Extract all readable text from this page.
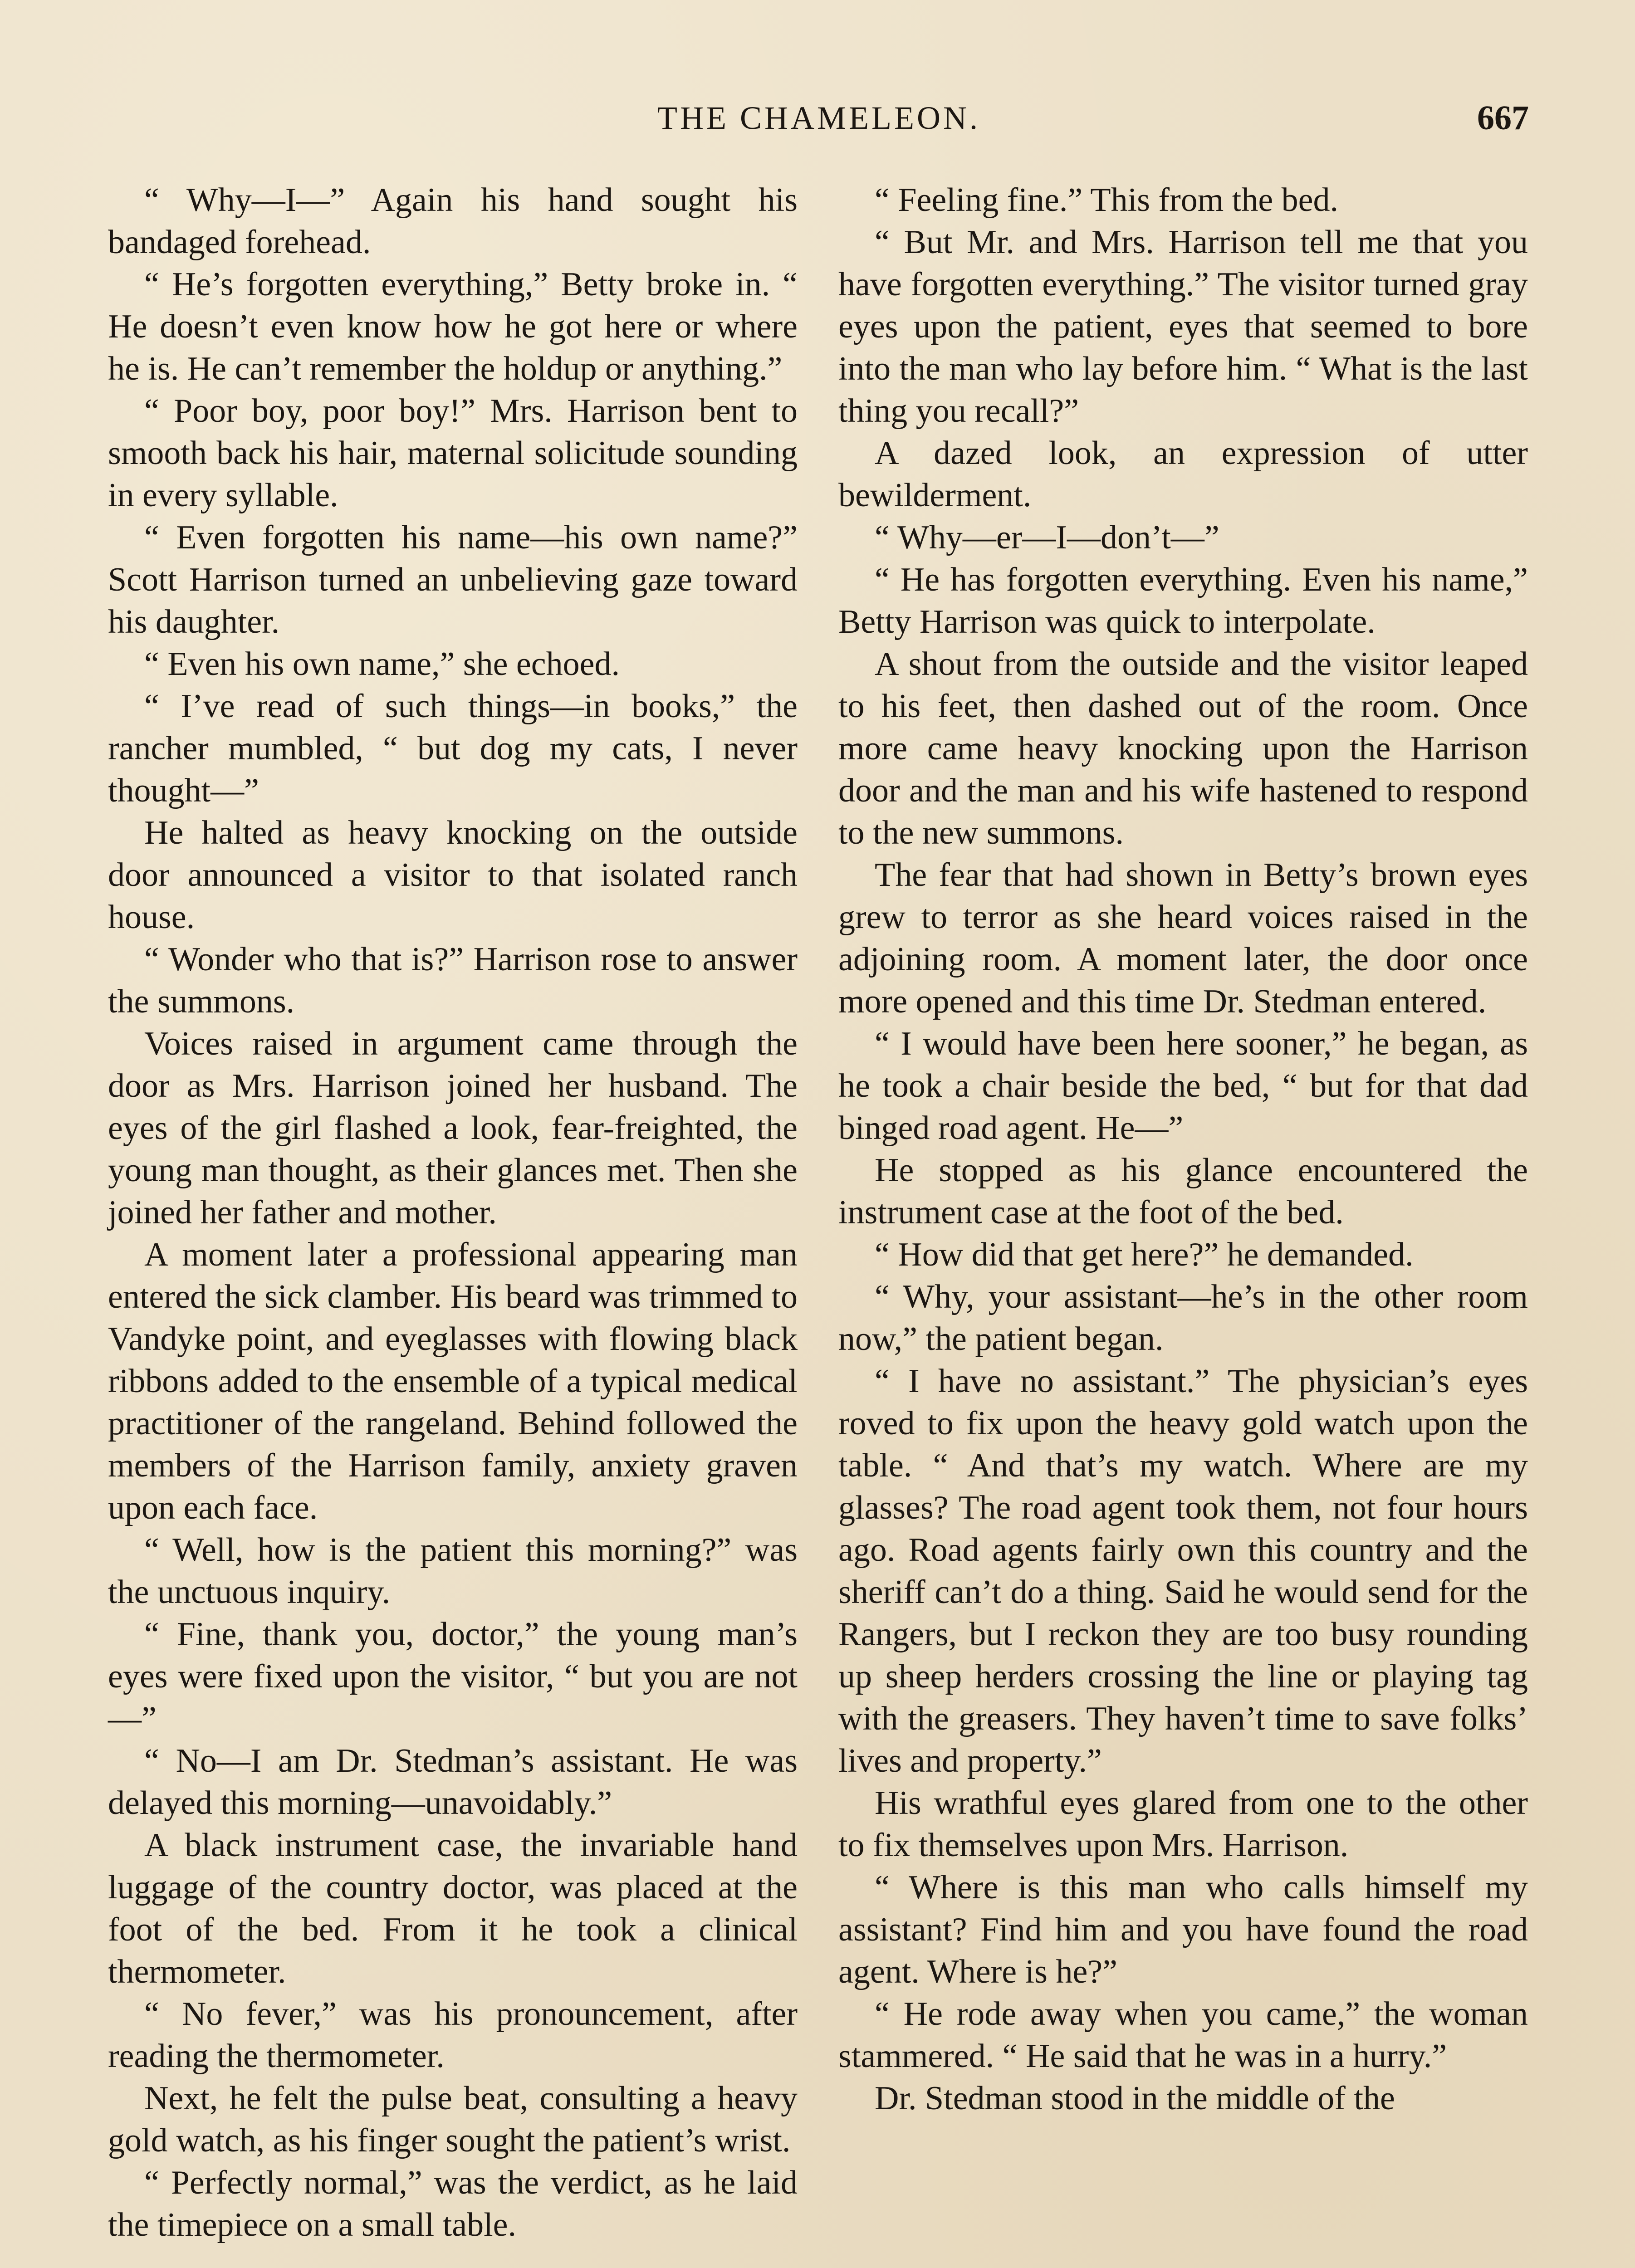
THE CHAMELEON.	667

“ Why—I—” Again his hand sought his bandaged forehead.

“ He’s forgotten everything,” Betty broke in. “ He doesn’t even know how he got here or where he is. He can’t remember the holdup or anything.”

“ Poor boy, poor boy!” Mrs. Harrison bent to smooth back his hair, maternal solicitude sounding in every syllable.

“ Even forgotten his name—his own name?” Scott Harrison turned an unbelieving gaze toward his daughter.

“ Even his own name,” she echoed.

“ I’ve read of such things—in books,” the rancher mumbled, “ but dog my cats, I never thought—”

He halted as heavy knocking on the outside door announced a visitor to that isolated ranch house.

“ Wonder who that is?” Harrison rose to answer the summons.

Voices raised in argument came through the door as Mrs. Harrison joined her husband. The eyes of the girl flashed a look, fear-freighted, the young man thought, as their glances met. Then she joined her father and mother.

A moment later a professional appearing man entered the sick clamber. His beard was trimmed to Vandyke point, and eyeglasses with flowing black ribbons added to the ensemble of a typical medical practitioner of the rangeland. Behind followed the members of the Harrison family, anxiety graven upon each face.

“ Well, how is the patient this morning?” was the unctuous inquiry.

“ Fine, thank you, doctor,” the young man’s eyes were fixed upon the visitor, “ but you are not—”

“ No—I am Dr. Stedman’s assistant. He was delayed this morning—unavoidably.”

A black instrument case, the invariable hand luggage of the country doctor, was placed at the foot of the bed. From it he took a clinical thermometer.

“ No fever,” was his pronouncement, after reading the thermometer.

Next, he felt the pulse beat, consulting a heavy gold watch, as his finger sought the patient’s wrist.

“ Perfectly normal,” was the verdict, as he laid the timepiece on a small table.

“ Feeling fine.” This from the bed.

“ But Mr. and Mrs. Harrison tell me that you have forgotten everything.” The visitor turned gray eyes upon the patient, eyes that seemed to bore into the man who lay before him. “ What is the last thing you recall?”

A dazed look, an expression of utter bewilderment.

“ Why—er—I—don’t—”

“ He has forgotten everything. Even his name,” Betty Harrison was quick to interpolate.

A shout from the outside and the visitor leaped to his feet, then dashed out of the room. Once more came heavy knocking upon the Harrison door and the man and his wife hastened to respond to the new summons.

The fear that had shown in Betty’s brown eyes grew to terror as she heard voices raised in the adjoining room. A moment later, the door once more opened and this time Dr. Stedman entered.

“ I would have been here sooner,” he began, as he took a chair beside the bed, “ but for that dad binged road agent. He—”

He stopped as his glance encountered the instrument case at the foot of the bed.

“ How did that get here?” he demanded.

“ Why, your assistant—he’s in the other room now,” the patient began.

“ I have no assistant.” The physician’s eyes roved to fix upon the heavy gold watch upon the table. “ And that’s my watch. Where are my glasses? The road agent took them, not four hours ago. Road agents fairly own this country and the sheriff can’t do a thing. Said he would send for the Rangers, but I reckon they are too busy rounding up sheep herders crossing the line or playing tag with the greasers. They haven’t time to save folks’ lives and property.”

His wrathful eyes glared from one to the other to fix themselves upon Mrs. Harrison.

“ Where is this man who calls himself my assistant? Find him and you have found the road agent. Where is he?”

“ He rode away when you came,” the woman stammered. “ He said that he was in a hurry.”

Dr. Stedman stood in the middle of the
